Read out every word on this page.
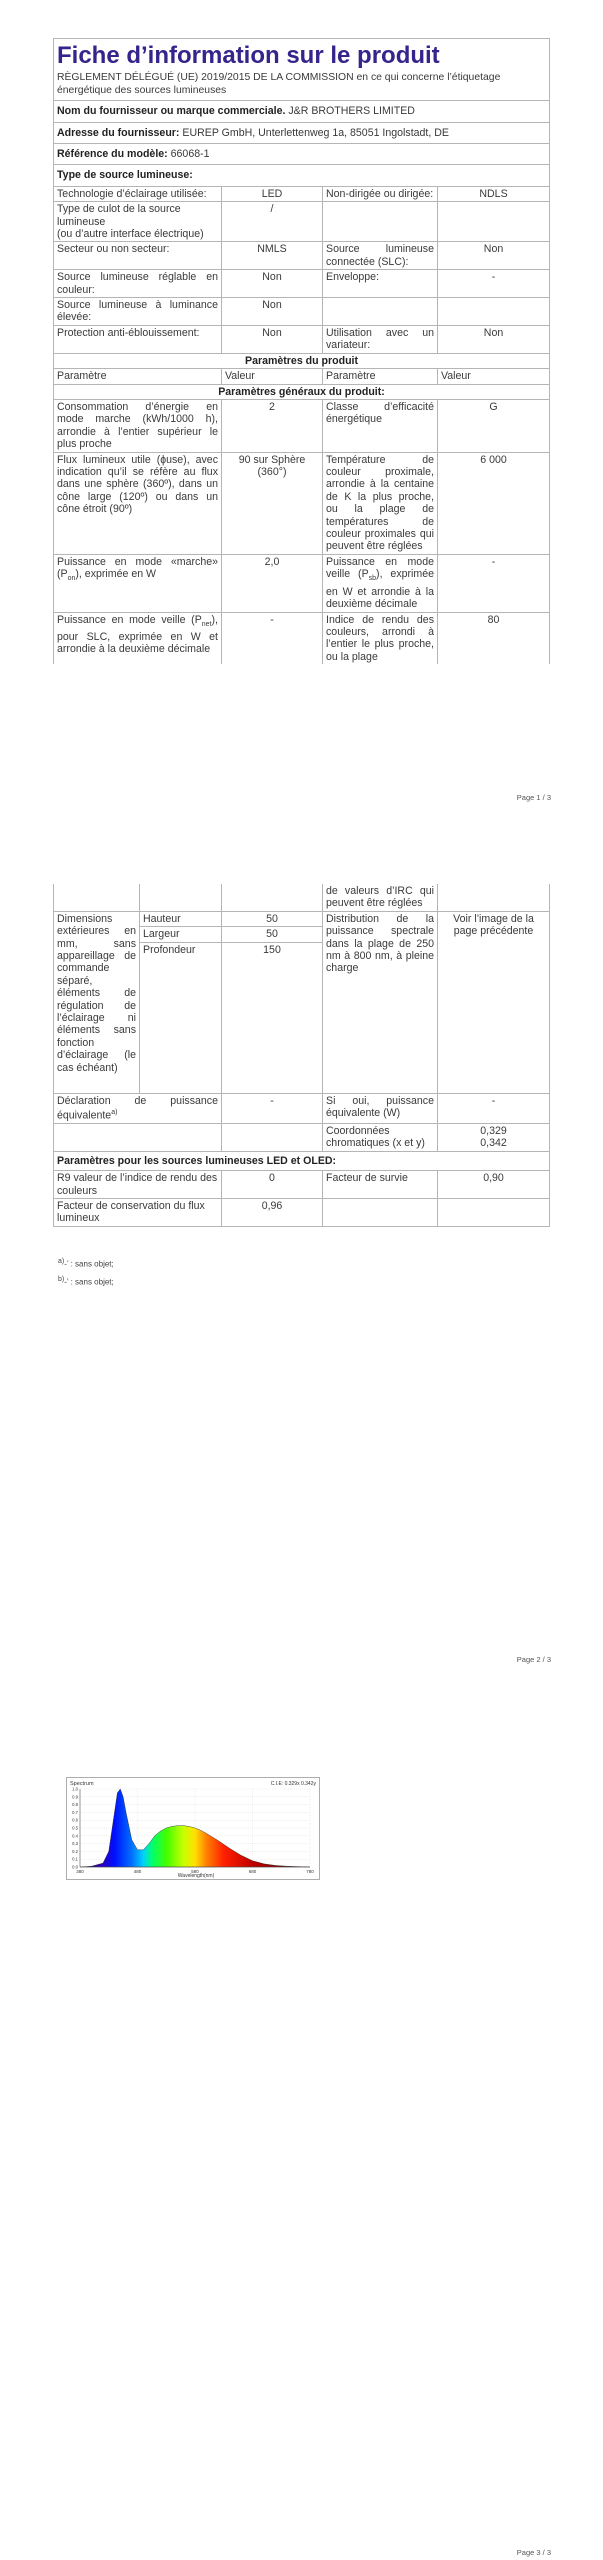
Fiche d’information sur le produit
RÈGLEMENT DÉLÉGUÉ (UE) 2019/2015 DE LA COMMISSION en ce qui concerne l’étiquetage énergétique des sources lumineuses			

Nom du fournisseur ou marque commerciale. J&R BROTHERS LIMITED			
Adresse du fournisseur: EUREP GmbH, Unterlettenweg 1a, 85051 Ingolstadt, DE			
Référence du modèle: 66068-1			
Type de source lumineuse:			
Technologie d’éclairage utilisée:	LED	Non-dirigée ou dirigée:	NDLS

Type de culot de la source lumineuse
(ou d’autre interface électrique)	/		
Secteur ou non secteur:	NMLS	Source lumineuse connectée (SLC):	Non
Source lumineuse réglable en couleur:	Non	Enveloppe:	-
Source lumineuse à luminance élevée:	Non		
Protection anti-éblouissement:	Non	Utilisation avec un variateur:	Non
Paramètres du produit			
Paramètre	Valeur	Paramètre	Valeur
Paramètres généraux du produit:			
Consommation d’énergie en mode marche (kWh/1000 h), arrondie à l’entier supérieur le plus proche	2	Classe d’efficacité énergétique	G
Flux lumineux utile (ɸuse), avec indication qu’il se réfère au flux dans une sphère (360º), dans un cône large (120º) ou dans un cône étroit (90º)	90 sur Sphère (360°)	Température de couleur proximale, arrondie à la centaine de K la plus proche, ou la plage de températures de couleur proximales qui peuvent être réglées	6 000
Puissance en mode «marche» $(P_{on})$, exprimée en W	2,0	Puissance en mode veille $(P_{sb})$, exprimée en W et arrondie à la deuxième décimale	-
Puissance en mode veille $(P_{net})$, pour SLC, exprimée en W et arrondie à la deuxième décimale	-	Indice de rendu des couleurs, arrondi à l’entier le plus proche, ou la plage	80
Page 1 / 3
			de valeurs d’IRC qui peuvent être réglées	
Dimensions extérieures en mm, sans appareillage de commande séparé, éléments de régulation de l’éclairage ni éléments sans fonction d’éclairage (le cas échéant)	Hauteur	50	Distribution de la puissance spectrale dans la plage de 250 nm à 800 nm, à pleine charge	Voir l’image de la page précédente
	Largeur	50		
	Profondeur	150		
Déclaration de puissance équivalente$^{a)}$		-	Si oui, puissance équivalente (W)	-
			Coordonnées chromatiques (x et y)	0,329
0,342

Paramètres pour les sources lumineuses LED et OLED:				
R9 valeur de l’indice de rendu des couleurs		0	Facteur de survie	0,90
Facteur de conservation du flux lumineux		0,96		
$^{a)}$-’ : sans objet;
$^{b)}$-’ : sans objet;
Page 2 / 3
Page 3 / 3
Spectrum	C.I.E: 0.329x 0.342y
380	480	580	680	780
0.0
0.1
0.2
0.3
0.4
0.5
0.6
0.7
0.8
0.9
1.0
Wavelength(nm)
